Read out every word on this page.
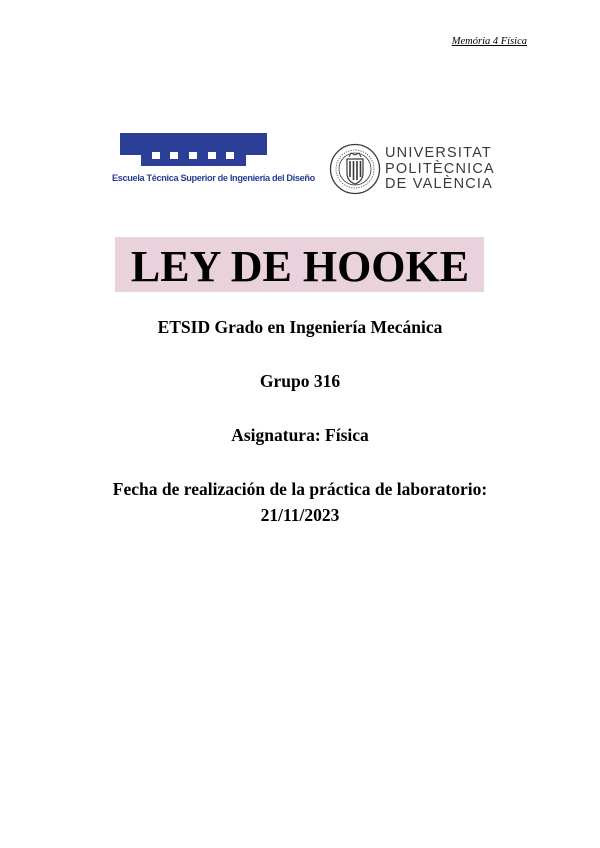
Memória 4 Física
Escuela Técnica Superior de Ingeniería del Diseño
UNIVERSITAT
POLITÈCNICA
DE VALÈNCIA
LEY DE HOOKE
ETSID Grado en Ingeniería Mecánica
Grupo 316
Asignatura: Física
Fecha de realización de la práctica de laboratorio:
21/11/2023
